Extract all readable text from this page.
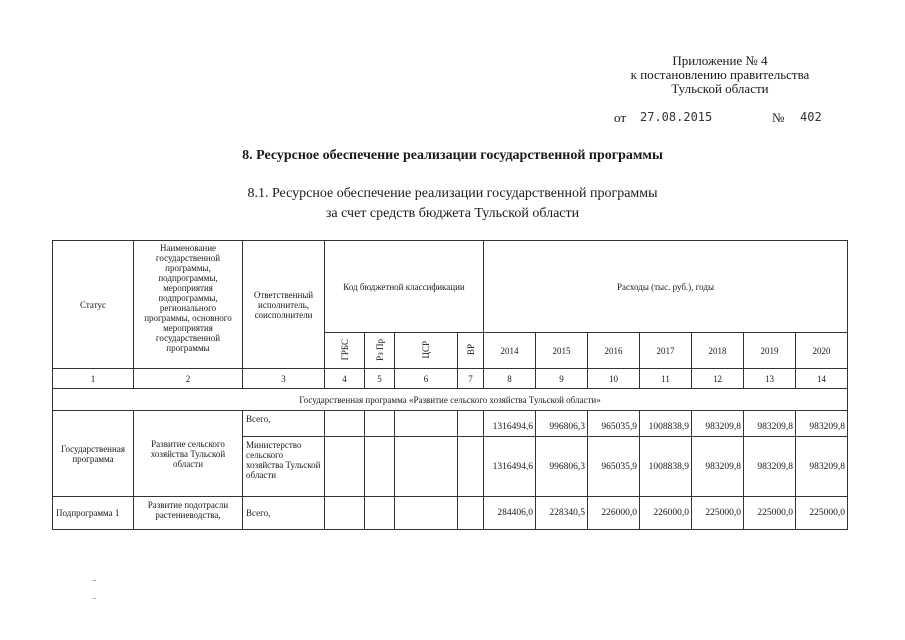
Приложение № 4
к постановлению правительства
Тульской области
от 27.08.2015	№ 402
8. Ресурсное обеспечение реализации государственной программы
8.1. Ресурсное обеспечение реализации государственной программы
за счет средств бюджета Тульской области
Статус	Наименование государственной программы, подпрограммы, мероприятия подпрограммы, регионального программы, основного мероприятия государственной программы	Ответственный исполнитель, соисполнители	Код бюджетной классификации				Расходы (тыс. руб.), годы						
			ГРБС	Рз Пр	ЦСР	ВР	2014	2015	2016	2017	2018	2019	2020
1	2	3	4	5	6	7	8	9	10	11	12	13	14
Государственная программа «Развитие сельского хозяйства Тульской области»													
Государственная программа	Развитие сельского хозяйства Тульской области	Всего,					1316494,6	996806,3	965035,9	1008838,9	983209,8	983209,8	983209,8
		Министерство сельского хозяйства Тульской области					1316494,6	996806,3	965035,9	1008838,9	983209,8	983209,8	983209,8
Подпрограмма 1	Развитие подотрасли растениеводства,	Всего,					284406,0	228340,5	226000,0	226000,0	225000,0	225000,0	225000,0
